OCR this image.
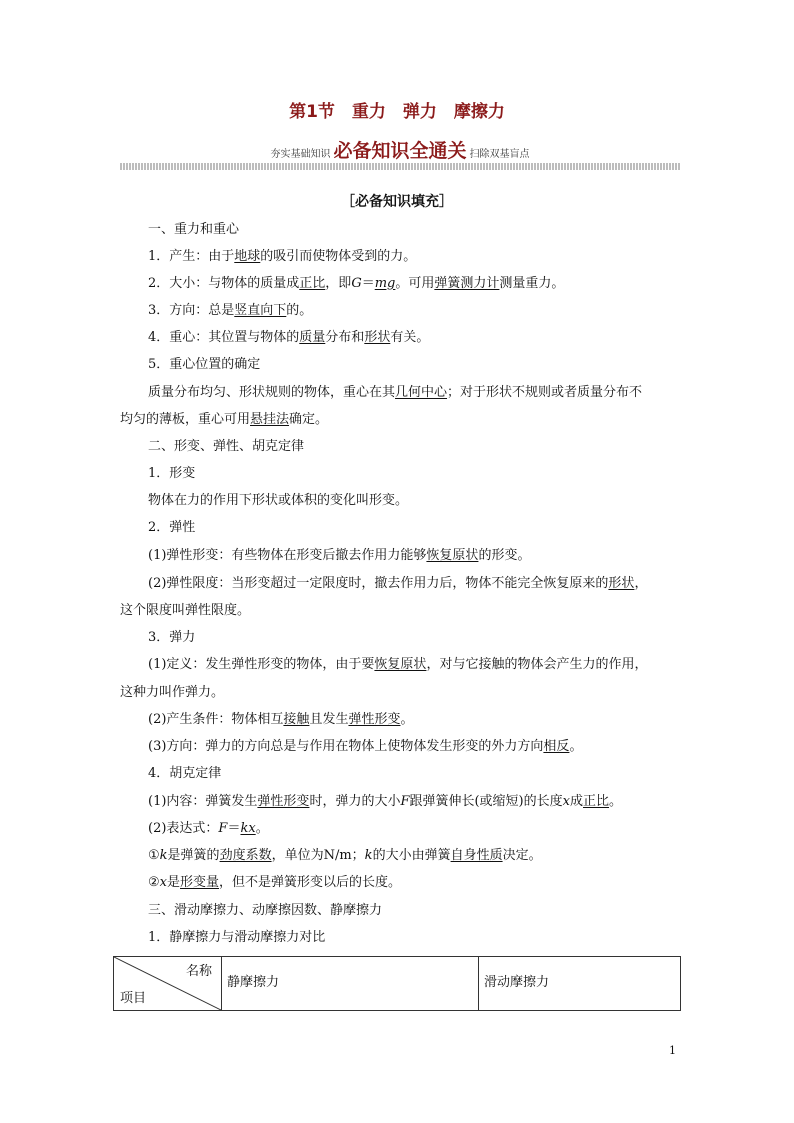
第1节　重力　弹力　摩擦力
夯实基础知识 必备知识全通关 扫除双基盲点
［必备知识填充］
一、重力和重心
1．产生：由于地球的吸引而使物体受到的力。
2．大小：与物体的质量成正比，即G＝mg。可用弹簧测力计测量重力。
3．方向：总是竖直向下的。
4．重心：其位置与物体的质量分布和形状有关。
5．重心位置的确定
质量分布均匀、形状规则的物体，重心在其几何中心；对于形状不规则或者质量分布不
均匀的薄板，重心可用悬挂法确定。
二、形变、弹性、胡克定律
1．形变
物体在力的作用下形状或体积的变化叫形变。
2．弹性
(1)弹性形变：有些物体在形变后撤去作用力能够恢复原状的形变。
(2)弹性限度：当形变超过一定限度时，撤去作用力后，物体不能完全恢复原来的形状，
这个限度叫弹性限度。
3．弹力
(1)定义：发生弹性形变的物体，由于要恢复原状，对与它接触的物体会产生力的作用，
这种力叫作弹力。
(2)产生条件：物体相互接触且发生弹性形变。
(3)方向：弹力的方向总是与作用在物体上使物体发生形变的外力方向相反。
4．胡克定律
(1)内容：弹簧发生弹性形变时，弹力的大小F跟弹簧伸长(或缩短)的长度x成正比。
(2)表达式：F＝kx。
①k是弹簧的劲度系数，单位为N/m；k的大小由弹簧自身性质决定。
②x是形变量，但不是弹簧形变以后的长度。
三、滑动摩擦力、动摩擦因数、静摩擦力
1．静摩擦力与滑动摩擦力对比
名称
项目
静摩擦力	滑动摩擦力
1
